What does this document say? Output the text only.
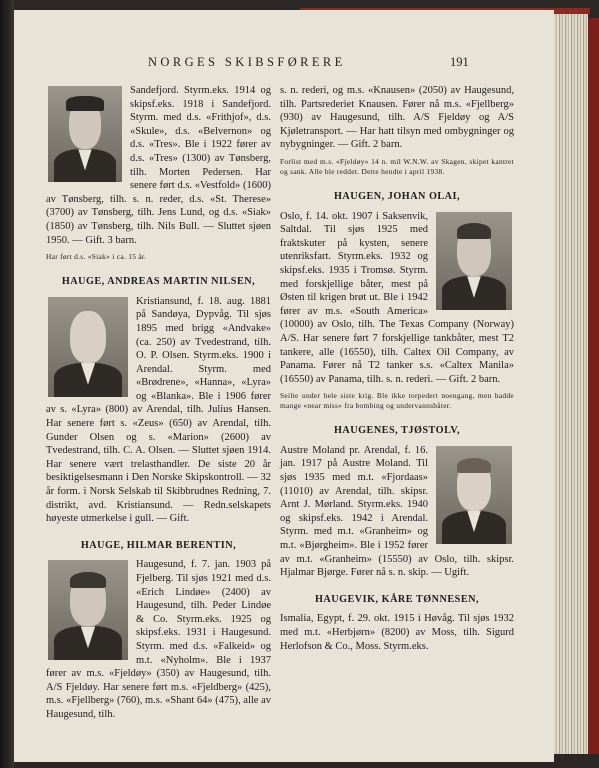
NORGES SKIBSFØRERE	191

Sandefjord. Styrm.eks. 1914 og skipsf.eks. 1918 i Sandefjord. Styrm. med d.s. «Frithjof», d.s. «Skule», d.s. «Belvernon» og d.s. «Tres». Ble i 1922 fører av d.s. «Tres» (1300) av Tønsberg, tilh. Morten Pedersen. Har senere ført d.s. «Vestfold» (1600) av Tønsberg, tilh. s. n. reder, d.s. «St. Therese» (3700) av Tønsberg, tilh. Jens Lund, og d.s. «Siak» (1850) av Tønsberg, tilh. Nils Bull. — Sluttet sjøen 1950. — Gift. 3 barn.

Har ført d.s. «Siak» i ca. 15 år.

HAUGE, ANDREAS MARTIN NILSEN,

Kristiansund, f. 18. aug. 1881 på Sandøya, Dypvåg. Til sjøs 1895 med brigg «Andvake» (ca. 250) av Tvedestrand, tilh. O. P. Olsen. Styrm.eks. 1900 i Arendal. Styrm. med «Brødrene», «Hanna», «Lyra» og «Blanka». Ble i 1906 fører av s. «Lyra» (800) av Arendal, tilh. Julius Hansen. Har senere ført s. «Zeus» (650) av Arendal, tilh. Gunder Olsen og s. «Marion» (2600) av Tvedestrand, tilh. C. A. Olsen. — Sluttet sjøen 1914. Har senere vært trelasthandler. De siste 20 år besiktigelsesmann i Den Norske Skipskontroll. — 32 år form. i Norsk Selskab til Skibbrudnes Redning, 7. distrikt, avd. Kristiansund. — Redn.selskapets høyeste utmerkelse i gull. — Gift.

HAUGE, HILMAR BERENTIN,

Haugesund, f. 7. jan. 1903 på Fjelberg. Til sjøs 1921 med d.s. «Erich Lindøe» (2400) av Haugesund, tilh. Peder Lindøe & Co. Styrm.eks. 1925 og skipsf.eks. 1931 i Haugesund. Styrm. med d.s. «Falkeid» og m.t. «Nyholm». Ble i 1937 fører av m.s. «Fjeldøy» (350) av Haugesund, tilh. A/S Fjeldøy. Har senere ført m.s. «Fjeldberg» (425), m.s. «Fjellberg» (760), m.s. «Shant 64» (475), alle av Haugesund, tilh.

s. n. rederi, og m.s. «Knausen» (2050) av Haugesund, tilh. Partsrederiet Knausen. Fører nå m.s. «Fjellberg» (930) av Haugesund, tilh. A/S Fjeldøy og A/S Kjøletransport. — Har hatt tilsyn med ombygninger og nybygninger. — Gift. 2 barn.

Forlist med m.s. «Fjeldøy» 14 n. mil W.N.W. av Skagen, skipet kantret og sank. Alle ble reddet. Dette hendte i april 1938.

HAUGEN, JOHAN OLAI,

Oslo, f. 14. okt. 1907 i Saksenvik, Saltdal. Til sjøs 1925 med fraktskuter på kysten, senere utenriksfart. Styrm.eks. 1932 og skipsf.eks. 1935 i Tromsø. Styrm. med forskjellige båter, mest på Østen til krigen brøt ut. Ble i 1942 fører av m.s. «South America» (10000) av Oslo, tilh. The Texas Company (Norway) A/S. Har senere ført 7 forskjellige tankbåter, mest T2 tankere, alle (16550), tilh. Caltex Oil Company, av Panama. Fører nå T2 tanker s.s. «Caltex Manila» (16550) av Panama, tilh. s. n. rederi. — Gift. 2 barn.

Seilte under hele siste krig. Ble ikke torpedert noengang, men hadde mange «near miss» fra bombing og undervannsbåter.

HAUGENES, TJØSTOLV,

Austre Moland pr. Arendal, f. 16. jan. 1917 på Austre Moland. Til sjøs 1935 med m.t. «Fjordaas» (11010) av Arendal, tilh. skipsr. Arnt J. Mørland. Styrm.eks. 1940 og skipsf.eks. 1942 i Arendal. Styrm. med m.t. «Granheim» og m.t. «Bjørgheim». Ble i 1952 fører av m.t. «Granheim» (15550) av Oslo, tilh. skipsr. Hjalmar Bjørge. Fører nå s. n. skip. — Ugift.

HAUGEVIK, KÅRE TØNNESEN,

Ismalia, Egypt, f. 29. okt. 1915 i Høvåg. Til sjøs 1932 med m.t. «Herbjørn» (8200) av Moss, tilh. Sigurd Herlofson & Co., Moss. Styrm.eks.
